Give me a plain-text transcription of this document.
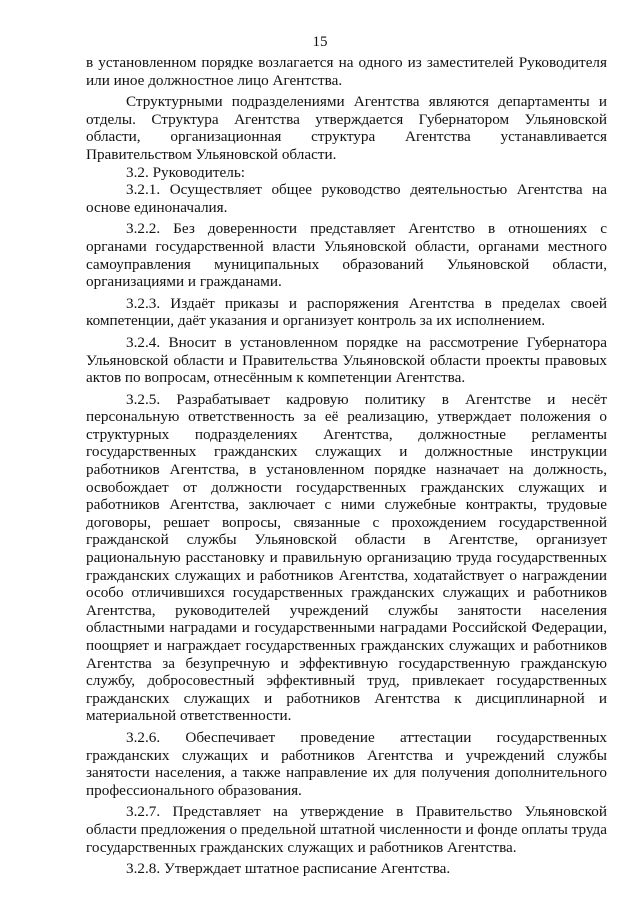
15

в установленном порядке возлагается на одного из заместителей Руководителя или иное должностное лицо Агентства.

Структурными подразделениями Агентства являются департаменты и отделы. Структура Агентства утверждается Губернатором Ульяновской области, организационная структура Агентства устанавливается Правительством Ульяновской области.

3.2. Руководитель:

3.2.1. Осуществляет общее руководство деятельностью Агентства на основе единоначалия.

3.2.2. Без доверенности представляет Агентство в отношениях с органами государственной власти Ульяновской области, органами местного самоуправления муниципальных образований Ульяновской области, организациями и гражданами.

3.2.3. Издаёт приказы и распоряжения Агентства в пределах своей компетенции, даёт указания и организует контроль за их исполнением.

3.2.4. Вносит в установленном порядке на рассмотрение Губернатора Ульяновской области и Правительства Ульяновской области проекты правовых актов по вопросам, отнесённым к компетенции Агентства.

3.2.5. Разрабатывает кадровую политику в Агентстве и несёт персональную ответственность за её реализацию, утверждает положения о структурных подразделениях Агентства, должностные регламенты государственных гражданских служащих и должностные инструкции работников Агентства, в установленном порядке назначает на должность, освобождает от должности государственных гражданских служащих и работников Агентства, заключает с ними служебные контракты, трудовые договоры, решает вопросы, связанные с прохождением государственной гражданской службы Ульяновской области в Агентстве, организует рациональную расстановку и правильную организацию труда государственных гражданских служащих и работников Агентства, ходатайствует о награждении особо отличившихся государственных гражданских служащих и работников Агентства, руководителей учреждений службы занятости населения областными наградами и государственными наградами Российской Федерации, поощряет и награждает государственных гражданских служащих и работников Агентства за безупречную и эффективную государственную гражданскую службу, добросовестный эффективный труд, привлекает государственных гражданских служащих и работников Агентства к дисциплинарной и материальной ответственности.

3.2.6. Обеспечивает проведение аттестации государственных гражданских служащих и работников Агентства и учреждений службы занятости населения, а также направление их для получения дополнительного профессионального образования.

3.2.7. Представляет на утверждение в Правительство Ульяновской области предложения о предельной штатной численности и фонде оплаты труда государственных гражданских служащих и работников Агентства.

3.2.8. Утверждает штатное расписание Агентства.
